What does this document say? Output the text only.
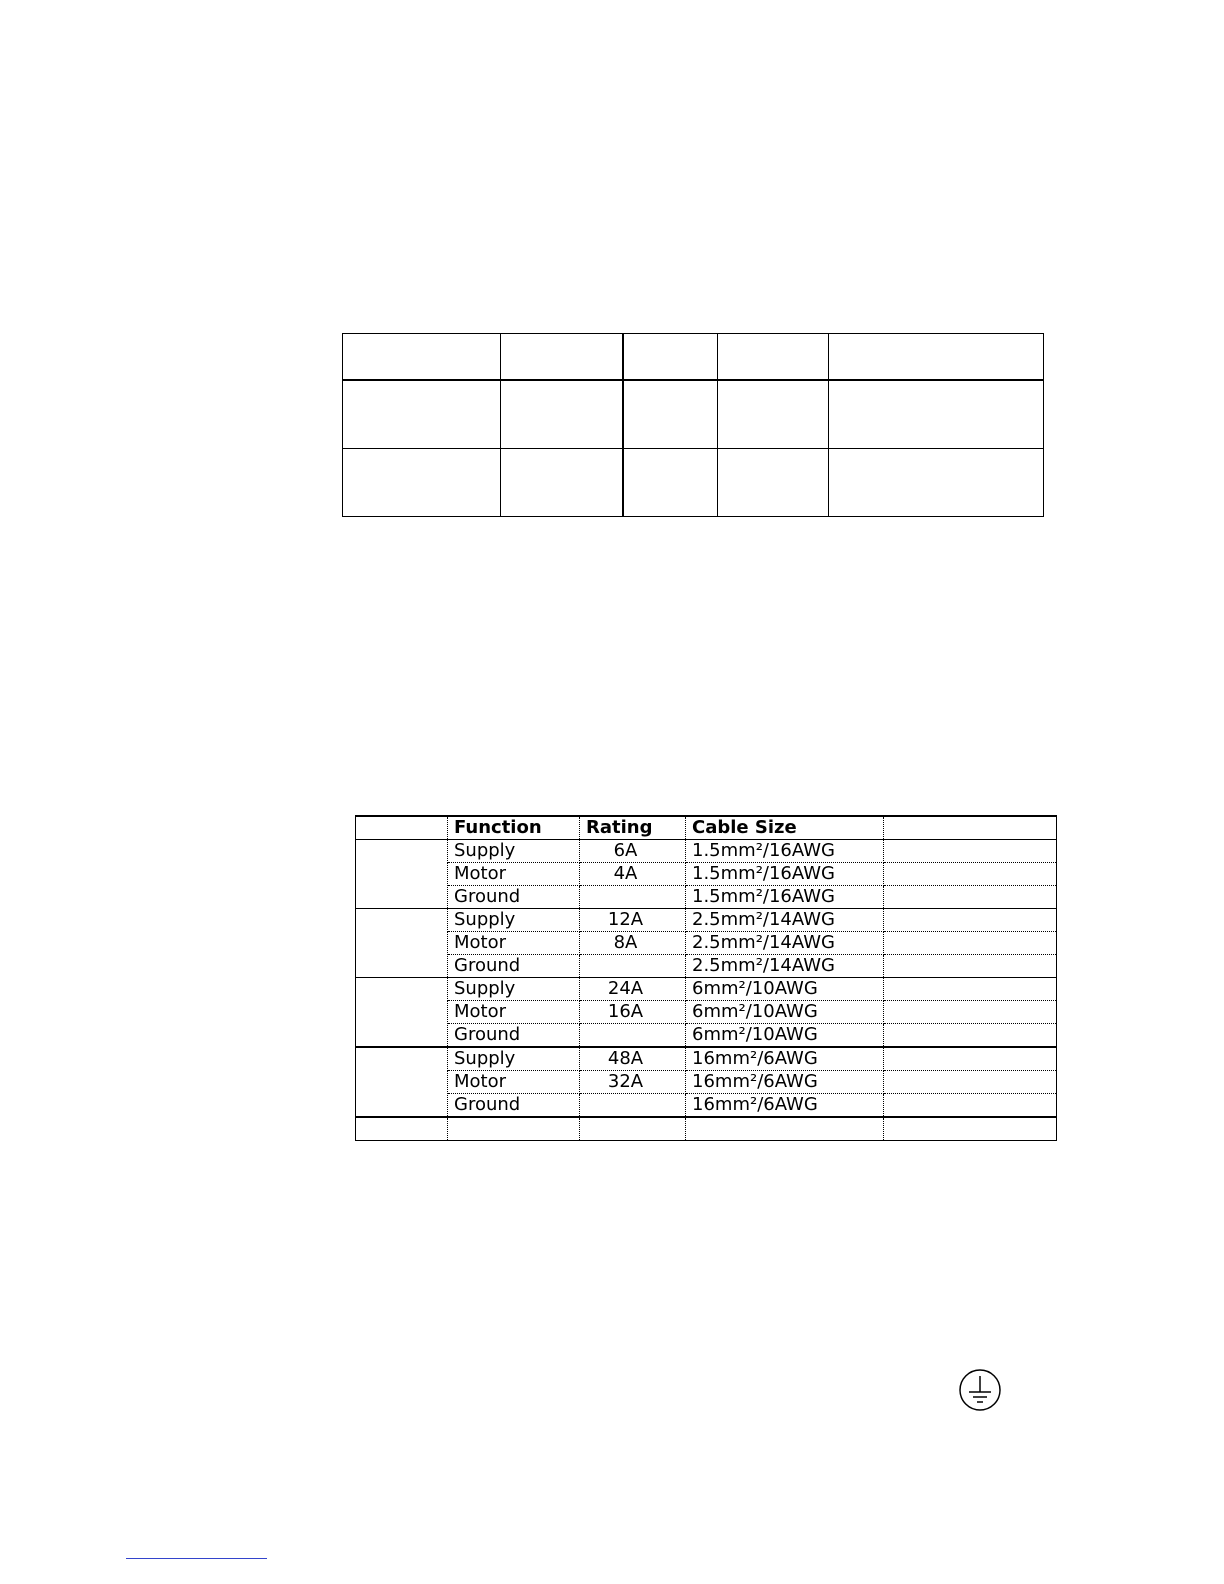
	Function	Rating	Cable Size	
	Supply	6A	1.5mm²/16AWG	
	Motor	4A	1.5mm²/16AWG	
	Ground		1.5mm²/16AWG	
	Supply	12A	2.5mm²/14AWG	
	Motor	8A	2.5mm²/14AWG	
	Ground		2.5mm²/14AWG	
	Supply	24A	6mm²/10AWG	
	Motor	16A	6mm²/10AWG	
	Ground		6mm²/10AWG	
	Supply	48A	16mm²/6AWG	
	Motor	32A	16mm²/6AWG	
	Ground		16mm²/6AWG	
